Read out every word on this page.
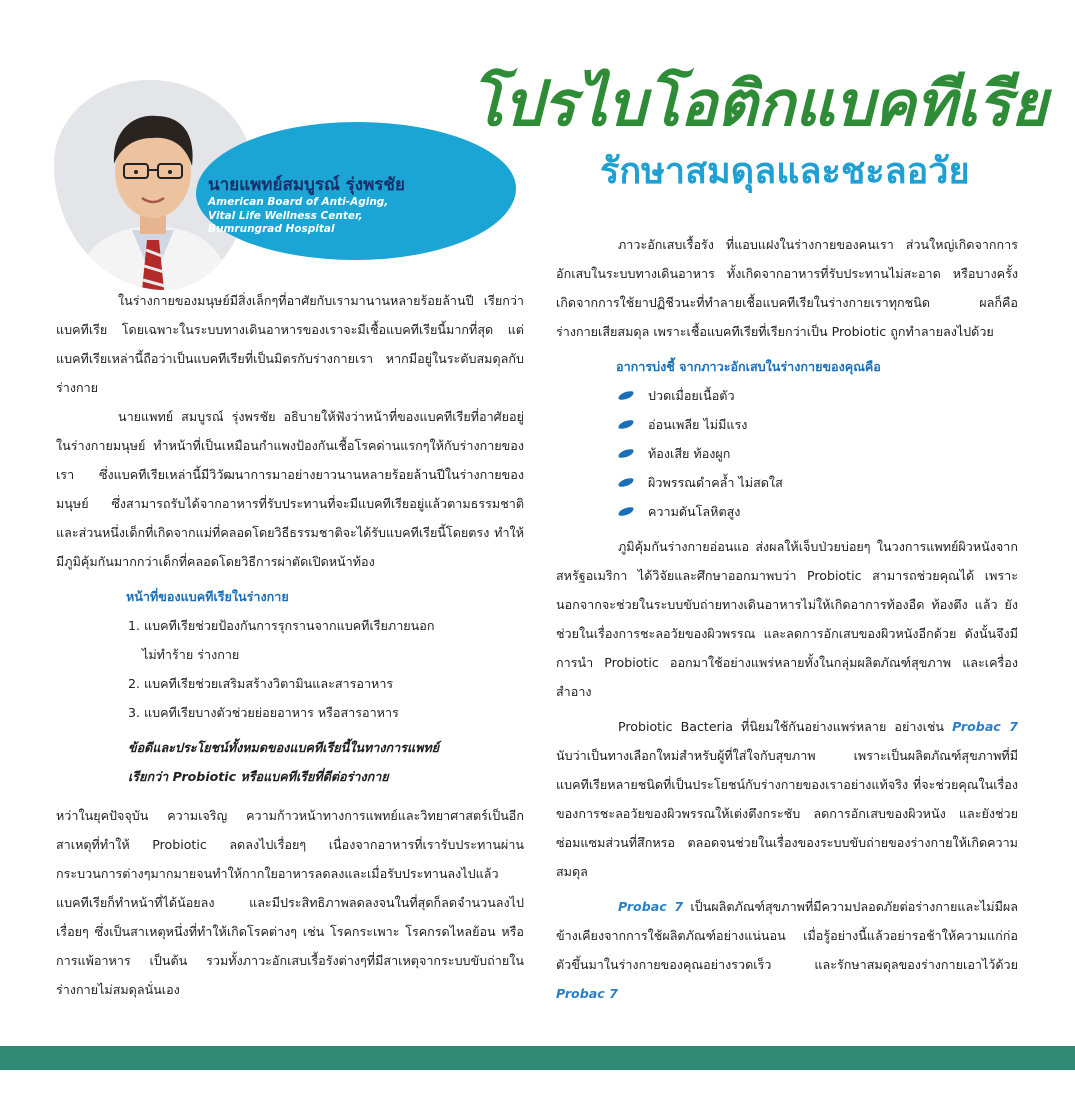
โปรไบโอติกแบคทีเรีย
รักษาสมดุลและชะลอวัย
นายแพทย์สมบูรณ์ รุ่งพรชัย
American Board of Anti-Aging,
Vital Life Wellness Center,
Bumrungrad Hospital

ในร่างกายของมนุษย์มีสิ่งเล็กๆที่อาศัยกับเรามานานหลายร้อยล้านปี เรียกว่า แบคทีเรีย โดยเฉพาะในระบบทางเดินอาหารของเราจะมีเชื้อแบคทีเรียนี้มากที่สุด แต่แบคทีเรียเหล่านี้ถือว่าเป็นแบคทีเรียที่เป็นมิตรกับร่างกายเรา หากมีอยู่ในระดับสมดุลกับร่างกาย

นายแพทย์ สมบูรณ์ รุ่งพรชัย อธิบายให้ฟังว่าหน้าที่ของแบคทีเรียที่อาศัยอยู่ในร่างกายมนุษย์ ทำหน้าที่เป็นเหมือนกำแพงป้องกันเชื้อโรคด่านแรกๆให้กับร่างกายของเรา ซึ่งแบคทีเรียเหล่านี้มีวิวัฒนาการมาอย่างยาวนานหลายร้อยล้านปีในร่างกายของมนุษย์ ซึ่งสามารถรับได้จากอาหารที่รับประทานที่จะมีแบคทีเรียอยู่แล้วตามธรรมชาติ และส่วนหนึ่งเด็กที่เกิดจากแม่ที่คลอดโดยวิธีธรรมชาติจะได้รับแบคทีเรียนี้โดยตรง ทำให้มีภูมิคุ้มกันมากกว่าเด็กที่คลอดโดยวิธีการผ่าตัดเปิดหน้าท้อง

หน้าที่ของแบคทีเรียในร่างกาย
1. แบคทีเรียช่วยป้องกันการรุกรานจากแบคทีเรียภายนอก
ไม่ทำร้าย ร่างกาย
2. แบคทีเรียช่วยเสริมสร้างวิตามินและสารอาหาร
3. แบคทีเรียบางตัวช่วยย่อยอาหาร หรือสารอาหาร

ข้อดีและประโยชน์ทั้งหมดของแบคทีเรียนี้ในทางการแพทย์

เรียกว่า Probiotic หรือแบคทีเรียที่ดีต่อร่างกาย

หว่าในยุคปัจจุบัน ความเจริญ ความก้าวหน้าทางการแพทย์และวิทยาศาสตร์เป็นอีกสาเหตุที่ทำให้ Probiotic ลดลงไปเรื่อยๆ เนื่องจากอาหารที่เรารับประทานผ่านกระบวนการต่างๆมากมายจนทำให้กากใยอาหารลดลงและเมื่อรับประทานลงไปแล้วแบคทีเรียก็ทำหน้าที่ได้น้อยลง และมีประสิทธิภาพลดลงจนในที่สุดก็ลดจำนวนลงไปเรื่อยๆ ซึ่งเป็นสาเหตุหนึ่งที่ทำให้เกิดโรคต่างๆ เช่น โรคกระเพาะ โรคกรดไหลย้อน หรือการแพ้อาหาร เป็นต้น รวมทั้งภาวะอักเสบเรื้อรังต่างๆที่มีสาเหตุจากระบบขับถ่ายในร่างกายไม่สมดุลนั่นเอง

ภาวะอักเสบเรื้อรัง ที่แอบแฝงในร่างกายของคนเรา ส่วนใหญ่เกิดจากการอักเสบในระบบทางเดินอาหาร ทั้งเกิดจากอาหารที่รับประทานไม่สะอาด หรือบางครั้งเกิดจากการใช้ยาปฏิชีวนะที่ทำลายเชื้อแบคทีเรียในร่างกายเราทุกชนิด ผลก็คือ ร่างกายเสียสมดุล เพราะเชื้อแบคทีเรียที่เรียกว่าเป็น Probiotic ถูกทำลายลงไปด้วย

อาการบ่งชี้ จากภาวะอักเสบในร่างกายของคุณคือ
ปวดเมื่อยเนื้อตัว
อ่อนเพลีย ไม่มีแรง
ท้องเสีย ท้องผูก
ผิวพรรณดำคล้ำ ไม่สดใส
ความดันโลหิตสูง

ภูมิคุ้มกันร่างกายอ่อนแอ ส่งผลให้เจ็บป่วยบ่อยๆ ในวงการแพทย์ผิวหนังจากสหรัฐอเมริกา ได้วิจัยและศึกษาออกมาพบว่า Probiotic สามารถช่วยคุณได้ เพราะนอกจากจะช่วยในระบบขับถ่ายทางเดินอาหารไม่ให้เกิดอาการท้องอืด ท้องตึง แล้ว ยังช่วยในเรื่องการชะลอวัยของผิวพรรณ และลดการอักเสบของผิวหนังอีกด้วย ดังนั้นจึงมีการนำ Probiotic ออกมาใช้อย่างแพร่หลายทั้งในกลุ่มผลิตภัณฑ์สุขภาพ และเครื่องสำอาง

Probiotic Bacteria ที่นิยมใช้กันอย่างแพร่หลาย อย่างเช่น Probac 7 นับว่าเป็นทางเลือกใหม่สำหรับผู้ที่ใส่ใจกับสุขภาพ เพราะเป็นผลิตภัณฑ์สุขภาพที่มีแบคทีเรียหลายชนิดที่เป็นประโยชน์กับร่างกายของเราอย่างแท้จริง ที่จะช่วยคุณในเรื่องของการชะลอวัยของผิวพรรณให้เต่งตึงกระชับ ลดการอักเสบของผิวหนัง และยังช่วยซ่อมแซมส่วนที่สึกหรอ ตลอดจนช่วยในเรื่องของระบบขับถ่ายของร่างกายให้เกิดความสมดุล

Probac 7 เป็นผลิตภัณฑ์สุขภาพที่มีความปลอดภัยต่อร่างกายและไม่มีผลข้างเคียงจากการใช้ผลิตภัณฑ์อย่างแน่นอน เมื่อรู้อย่างนี้แล้วอย่ารอช้าให้ความแก่ก่อตัวขึ้นมาในร่างกายของคุณอย่างรวดเร็ว และรักษาสมดุลของร่างกายเอาไว้ด้วย Probac 7
